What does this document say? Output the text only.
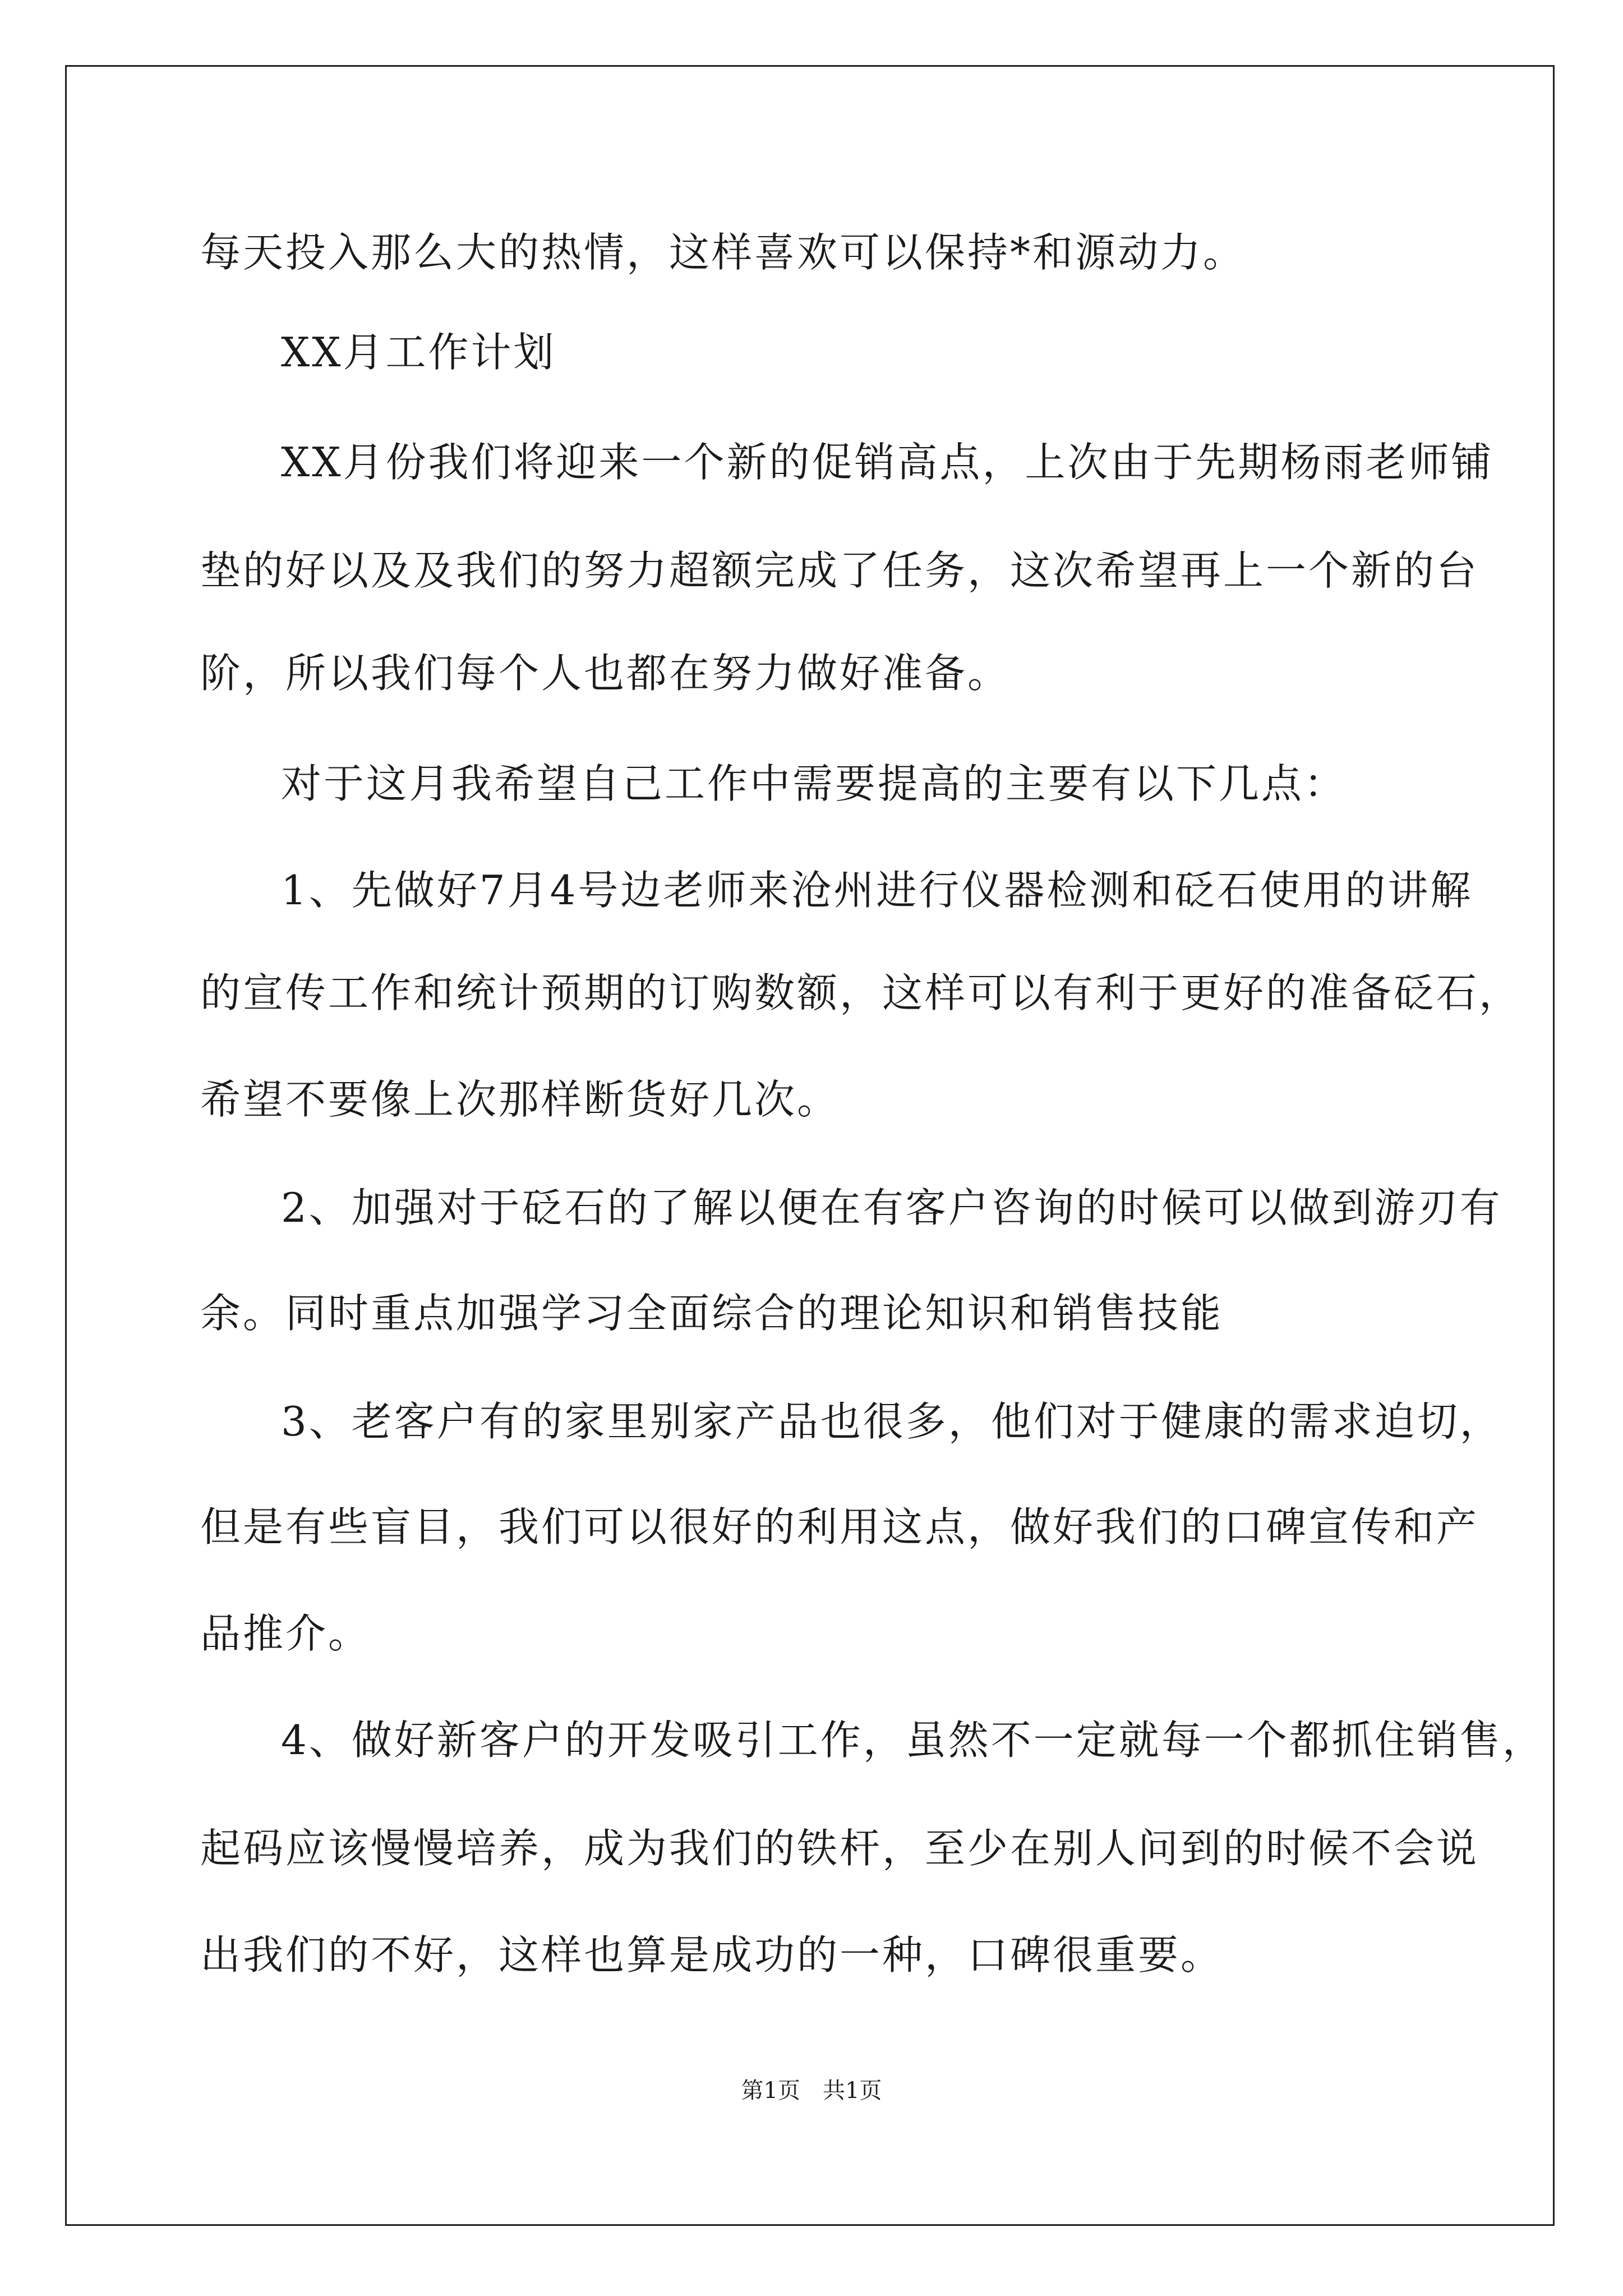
每天投入那么大的热情，这样喜欢可以保持*和源动力。
XX月工作计划
XX月份我们将迎来一个新的促销高点，上次由于先期杨雨老师铺
垫的好以及及我们的努力超额完成了任务，这次希望再上一个新的台
阶，所以我们每个人也都在努力做好准备。
对于这月我希望自己工作中需要提高的主要有以下几点：
1、先做好7月4号边老师来沧州进行仪器检测和砭石使用的讲解
的宣传工作和统计预期的订购数额，这样可以有利于更好的准备砭石，
希望不要像上次那样断货好几次。
2、加强对于砭石的了解以便在有客户咨询的时候可以做到游刃有
余。同时重点加强学习全面综合的理论知识和销售技能
3、老客户有的家里别家产品也很多，他们对于健康的需求迫切，
但是有些盲目，我们可以很好的利用这点，做好我们的口碑宣传和产
品推介。
4、做好新客户的开发吸引工作，虽然不一定就每一个都抓住销售，
起码应该慢慢培养，成为我们的铁杆，至少在别人问到的时候不会说
出我们的不好，这样也算是成功的一种，口碑很重要。
第1页　共1页
